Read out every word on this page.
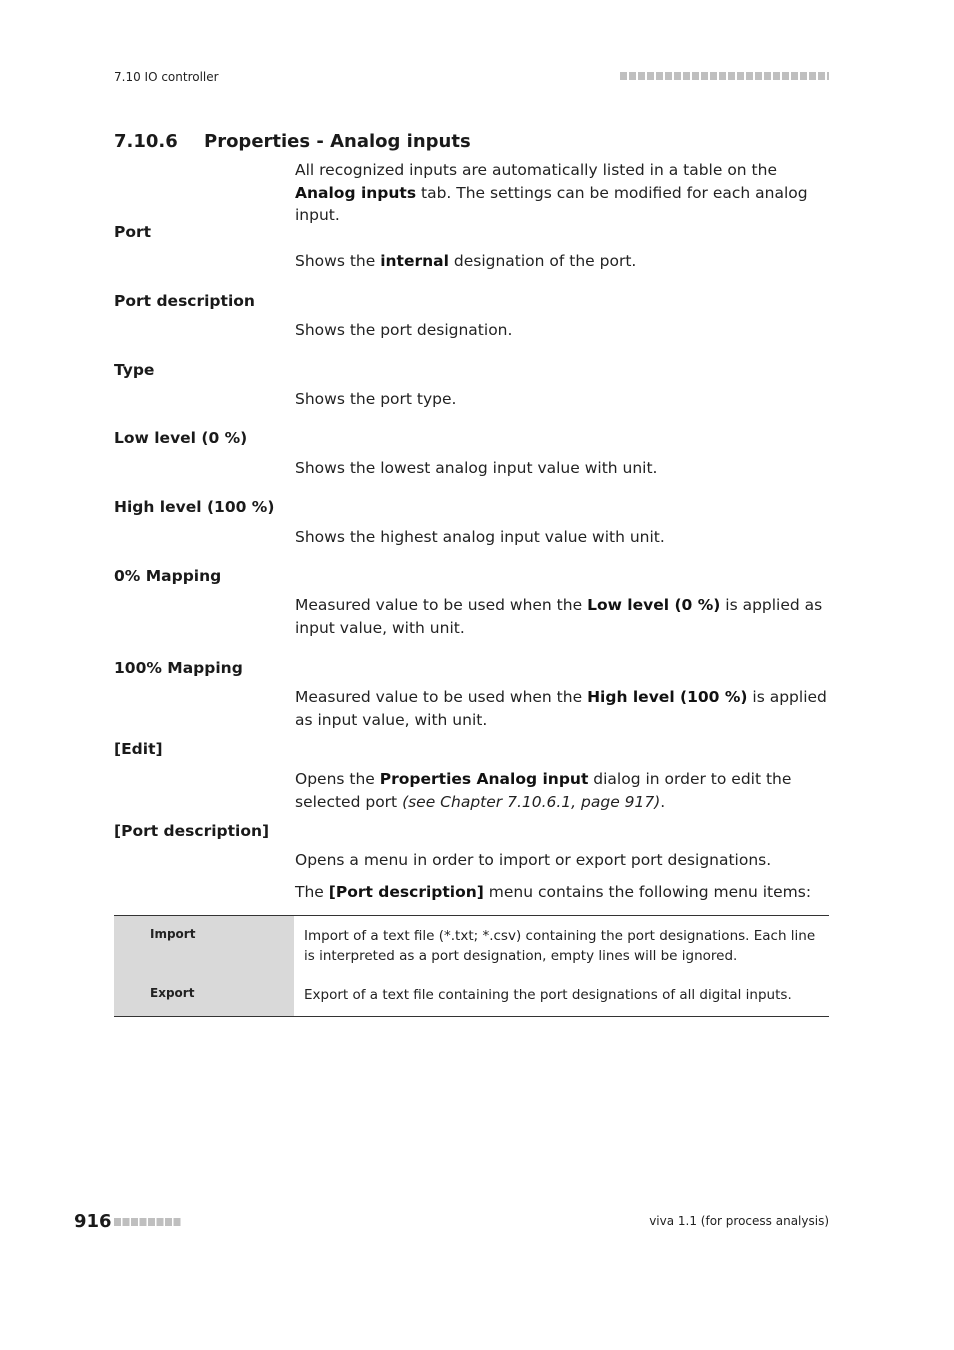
7.10 IO controller
7.10.6 Properties - Analog inputs
All recognized inputs are automatically listed in a table on the Analog inputs tab. The settings can be modified for each analog input.
Port
Shows the internal designation of the port.
Port description
Shows the port designation.
Type
Shows the port type.
Low level (0 %)
Shows the lowest analog input value with unit.
High level (100 %)
Shows the highest analog input value with unit.
0% Mapping
Measured value to be used when the Low level (0 %) is applied as input value, with unit.
100% Mapping
Measured value to be used when the High level (100 %) is applied as input value, with unit.
[Edit]
Opens the Properties Analog input dialog in order to edit the selected port (see Chapter 7.10.6.1, page 917).
[Port description]
Opens a menu in order to import or export port designations.
The [Port description] menu contains the following menu items:
Import	Import of a text file (*.txt; *.csv) containing the port designations. Each line is interpreted as a port designation, empty lines will be ignored.
Export	Export of a text file containing the port designations of all digital inputs.
916	viva 1.1 (for process analysis)
